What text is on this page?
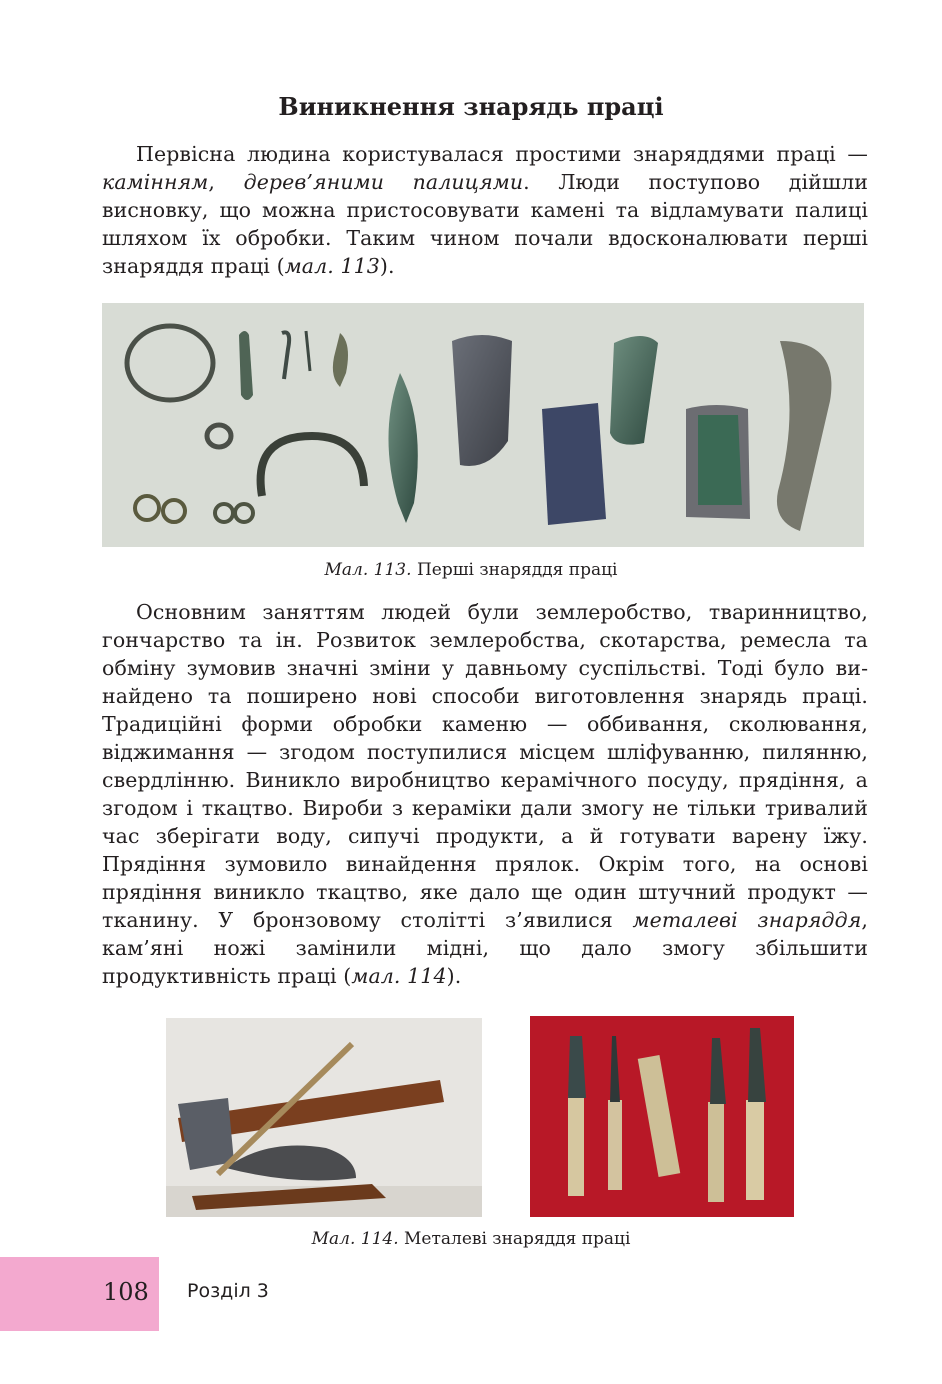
Виникнення знарядь праці

Первісна людина користувалася простими знаряддями праці — камінням, дерев’яними палицями. Люди поступово дійшли висновку, що можна пристосовувати камені та відламувати палиці шляхом їх обробки. Таким чином почали вдосконалювати перші знаряддя праці (мал. 113).

Мал. 113. Перші знаряддя праці

Основним заняттям людей були землеробство, тваринництво, гончарство та ін. Розвиток землеробства, скотарства, ремесла та обміну зумовив значні зміни у давньому суспільстві. Тоді було винайдено та поширено нові способи виготовлення знарядь праці. Традиційні форми обробки каменю — оббивання, сколювання, віджимання — згодом поступилися місцем шліфуванню, пилянню, свердлінню. Виникло виробництво керамічного посуду, прядіння, а згодом і ткацтво. Вироби з кераміки дали змогу не тільки тривалий час зберігати воду, сипучі продукти, а й готувати варену їжу. Прядіння зумовило винайдення прялок. Окрім того, на основі прядіння виникло ткацтво, яке дало ще один штучний продукт — тканину. У бронзовому столітті з’явилися металеві знаряддя, кам’яні ножі замінили мідні, що дало змогу збільшити продуктивність праці (мал. 114).

Мал. 114. Металеві знаряддя праці

108 Розділ 3
